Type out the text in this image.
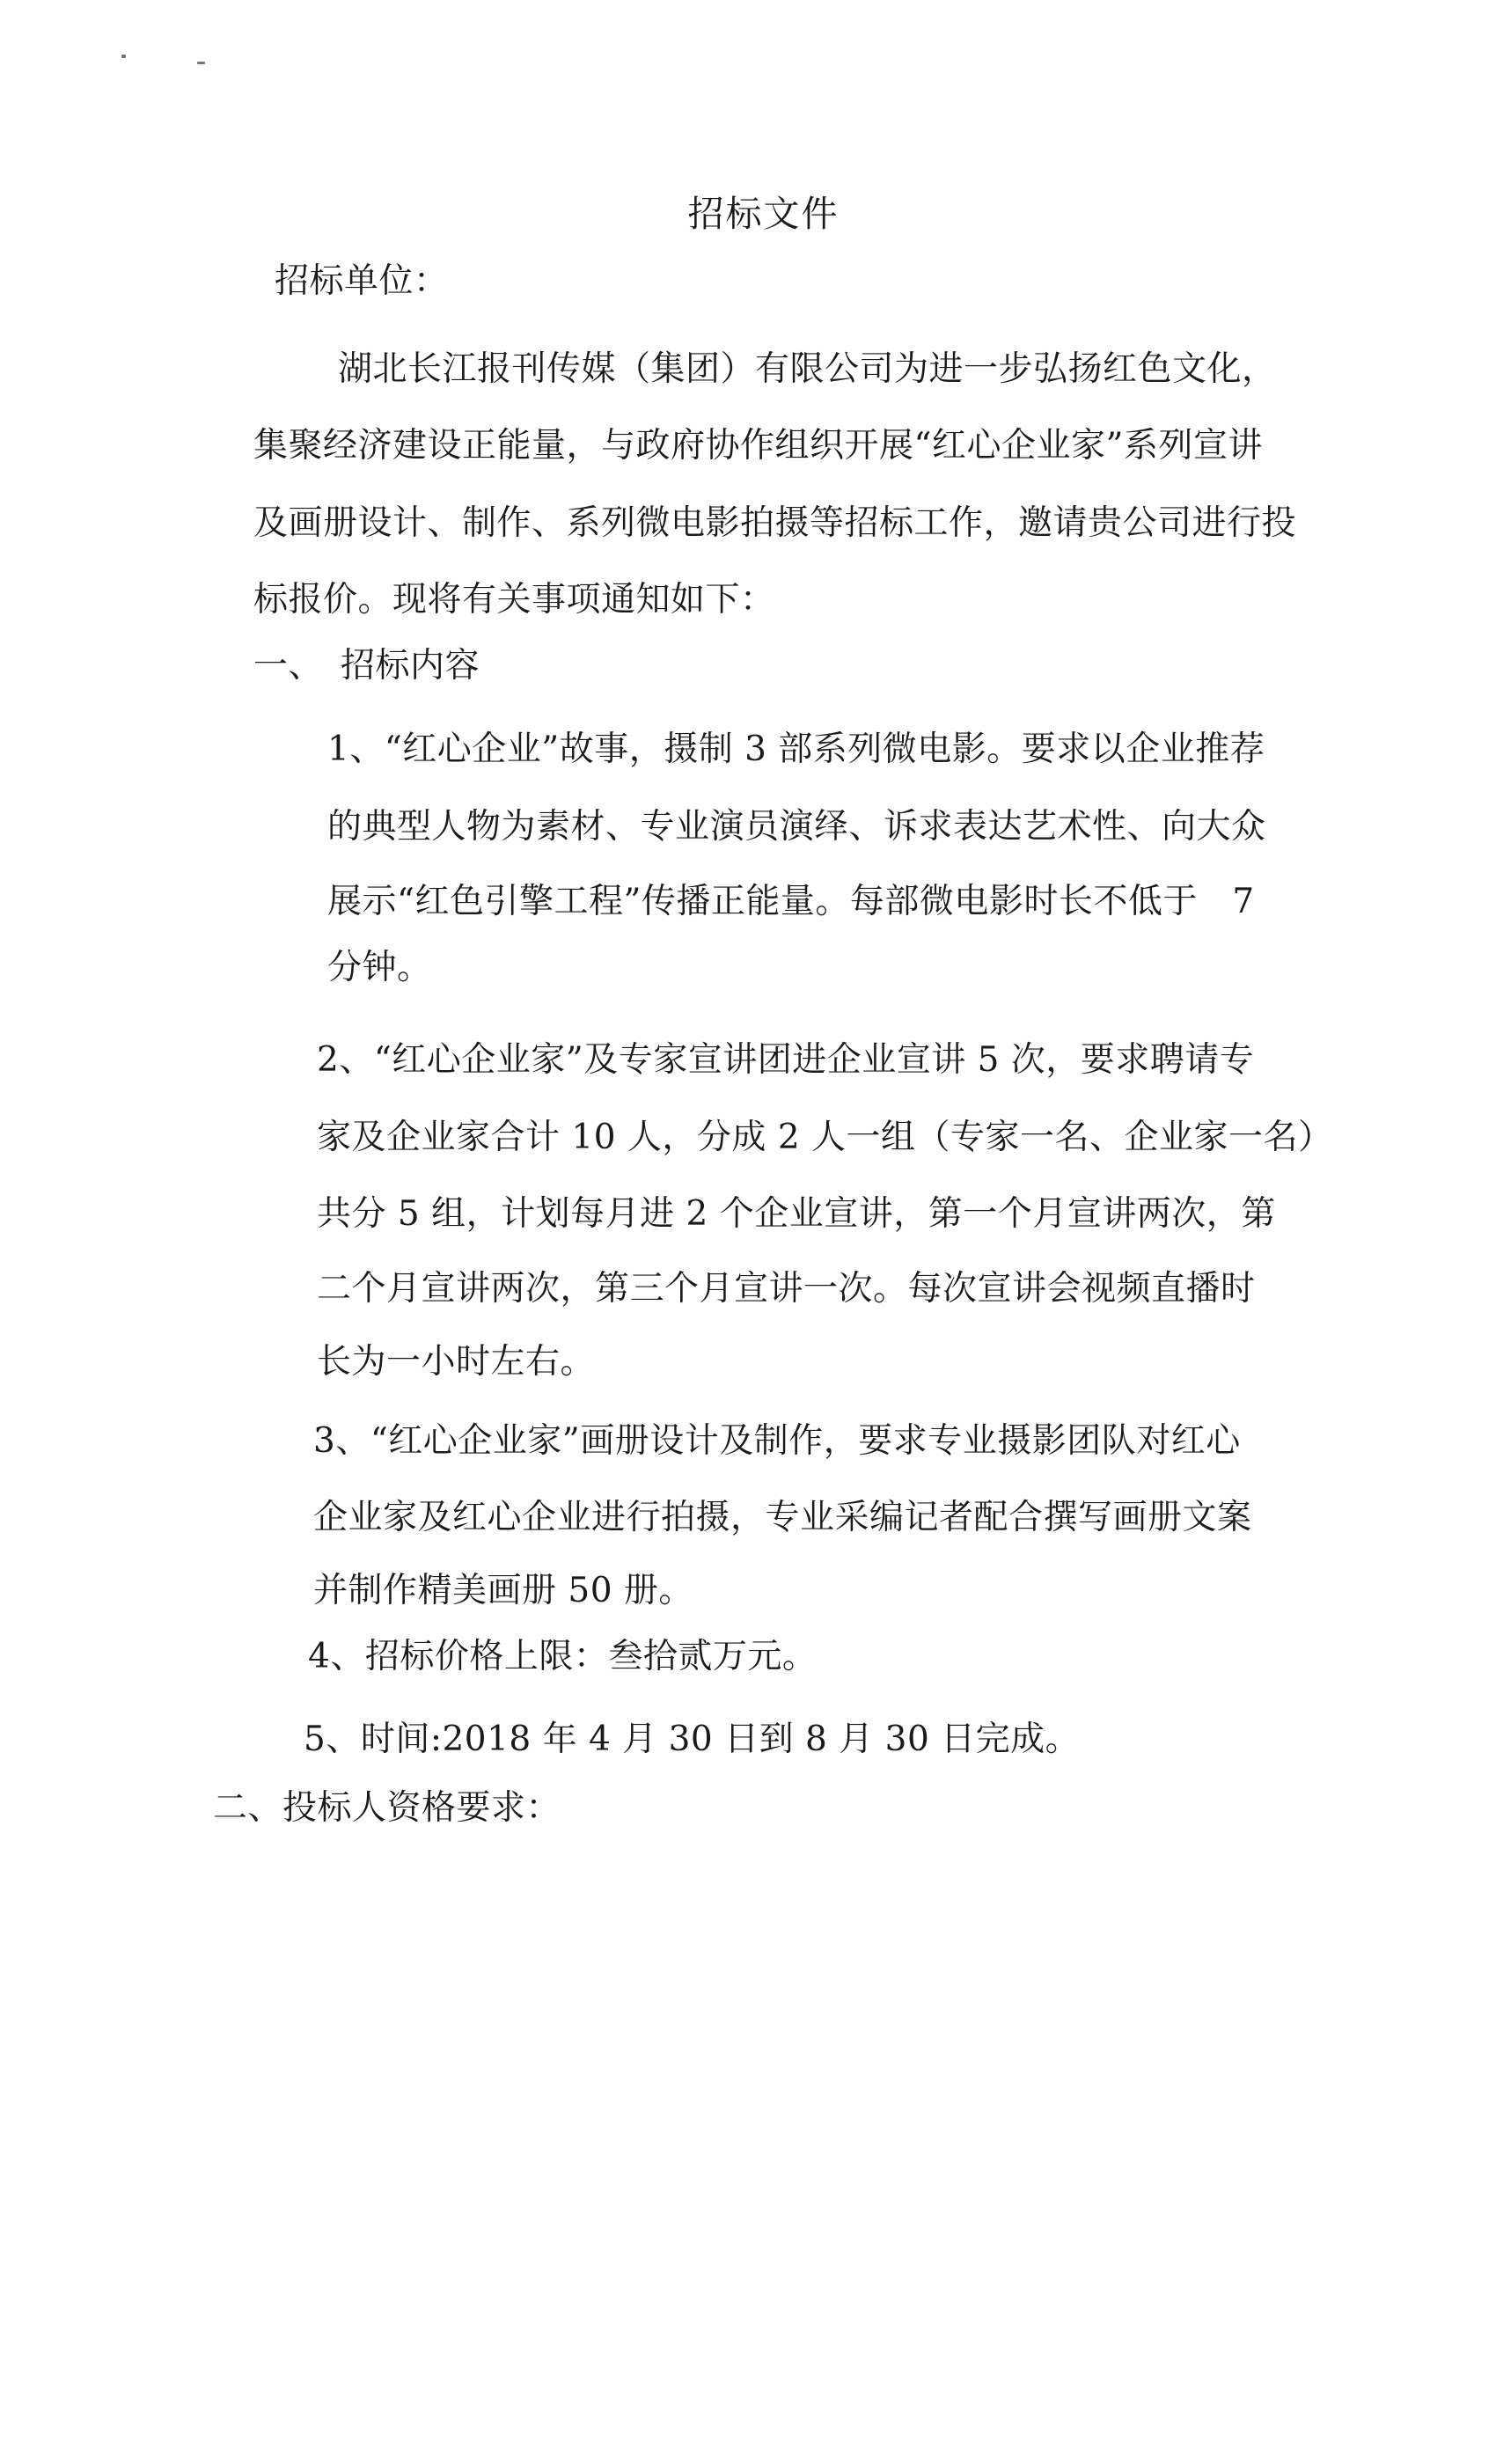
招标文件
招标单位：
湖北长江报刊传媒（集团）有限公司为进一步弘扬红色文化，
集聚经济建设正能量，与政府协作组织开展“红心企业家”系列宣讲
及画册设计、制作、系列微电影拍摄等招标工作，邀请贵公司进行投
标报价。现将有关事项通知如下：
一、　招标内容
1、“红心企业”故事，摄制 3 部系列微电影。要求以企业推荐
的典型人物为素材、专业演员演绎、诉求表达艺术性、向大众
展示“红色引擎工程”传播正能量。每部微电影时长不低于　7
分钟。
2、“红心企业家”及专家宣讲团进企业宣讲 5 次，要求聘请专
家及企业家合计 10 人，分成 2 人一组（专家一名、企业家一名）
共分 5 组，计划每月进 2 个企业宣讲，第一个月宣讲两次，第
二个月宣讲两次，第三个月宣讲一次。每次宣讲会视频直播时
长为一小时左右。
3、“红心企业家”画册设计及制作，要求专业摄影团队对红心
企业家及红心企业进行拍摄，专业采编记者配合撰写画册文案
并制作精美画册 50 册。
4、招标价格上限：叁拾贰万元。
5、时间:2018 年 4 月 30 日到 8 月 30 日完成。
二、投标人资格要求：
